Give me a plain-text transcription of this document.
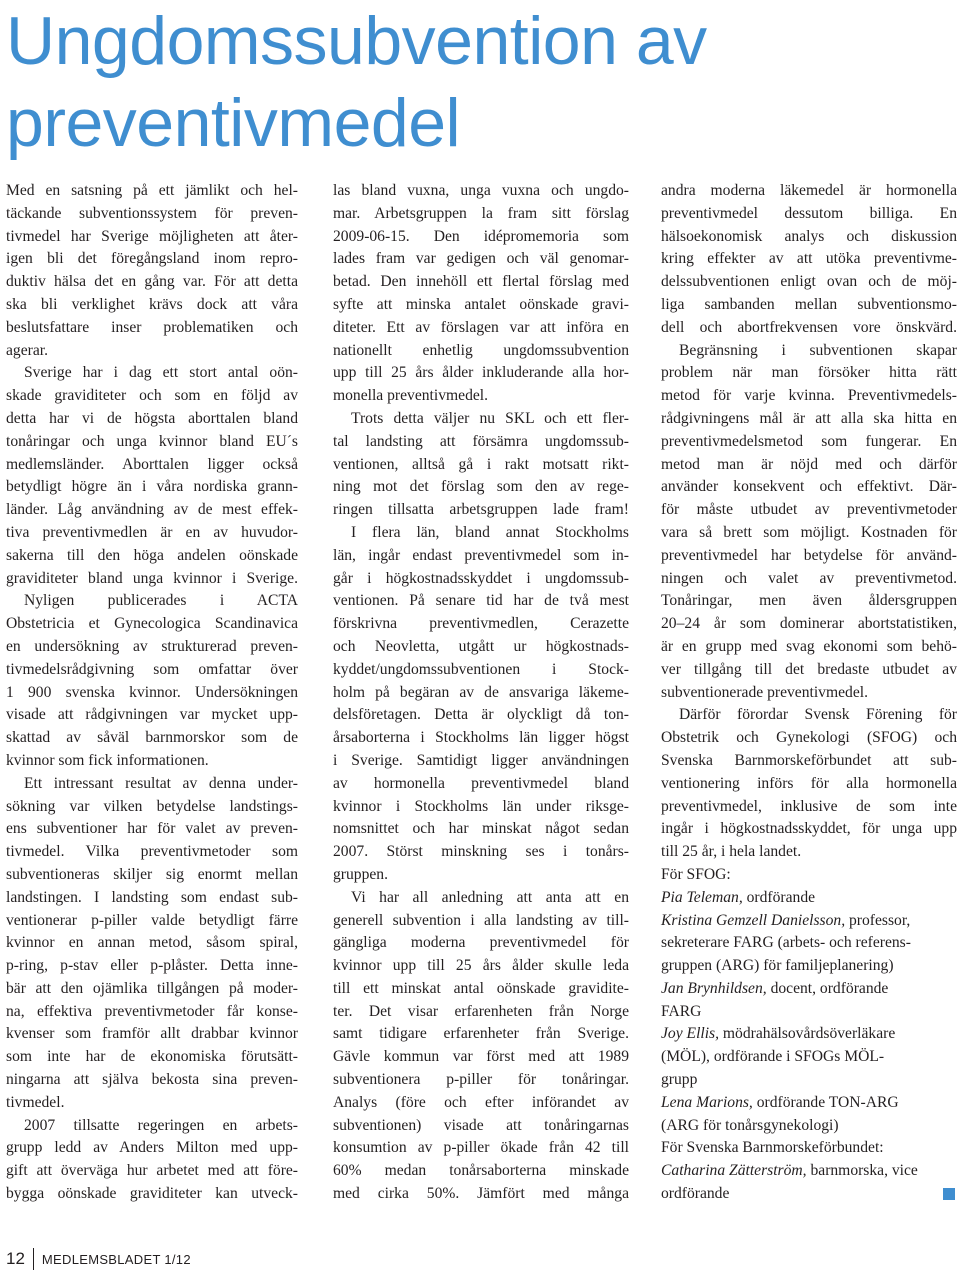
Ungdomssubvention av
preventivmedel
Med en satsning på ett jämlikt och hel-
täckande subventionssystem för preven-
tivmedel har Sverige möjligheten att åter-
igen bli det föregångsland inom repro-
duktiv hälsa det en gång var. För att detta
ska bli verklighet krävs dock att våra
beslutsfattare inser problematiken och
agerar.
Sverige har i dag ett stort antal oön-
skade graviditeter och som en följd av
detta har vi de högsta aborttalen bland
tonåringar och unga kvinnor bland EU´s
medlemsländer. Aborttalen ligger också
betydligt högre än i våra nordiska grann-
länder. Låg användning av de mest effek-
tiva preventivmedlen är en av huvudor-
sakerna till den höga andelen oönskade
graviditeter bland unga kvinnor i Sverige.
Nyligen publicerades i ACTA
Obstetricia et Gynecologica Scandinavica
en undersökning av strukturerad preven-
tivmedelsrådgivning som omfattar över
1 900 svenska kvinnor. Undersökningen
visade att rådgivningen var mycket upp-
skattad av såväl barnmorskor som de
kvinnor som fick informationen.
Ett intressant resultat av denna under-
sökning var vilken betydelse landstings-
ens subventioner har för valet av preven-
tivmedel. Vilka preventivmetoder som
subventioneras skiljer sig enormt mellan
landstingen. I landsting som endast sub-
ventionerar p-piller valde betydligt färre
kvinnor en annan metod, såsom spiral,
p-ring, p-stav eller p-plåster. Detta inne-
bär att den ojämlika tillgången på moder-
na, effektiva preventivmetoder får konse-
kvenser som framför allt drabbar kvinnor
som inte har de ekonomiska förutsätt-
ningarna att själva bekosta sina preven-
tivmedel.
2007 tillsatte regeringen en arbets-
grupp ledd av Anders Milton med upp-
gift att överväga hur arbetet med att före-
bygga oönskade graviditeter kan utveck-
las bland vuxna, unga vuxna och ungdo-
mar. Arbetsgruppen la fram sitt förslag
2009-06-15. Den idépromemoria som
lades fram var gedigen och väl genomar-
betad. Den innehöll ett flertal förslag med
syfte att minska antalet oönskade gravi-
diteter. Ett av förslagen var att införa en
nationellt enhetlig ungdomssubvention
upp till 25 års ålder inkluderande alla hor-
monella preventivmedel.
Trots detta väljer nu SKL och ett fler-
tal landsting att försämra ungdomssub-
ventionen, alltså gå i rakt motsatt rikt-
ning mot det förslag som den av rege-
ringen tillsatta arbetsgruppen lade fram!
I flera län, bland annat Stockholms
län, ingår endast preventivmedel som in-
går i högkostnadsskyddet i ungdomssub-
ventionen. På senare tid har de två mest
förskrivna preventivmedlen, Cerazette
och Neovletta, utgått ur högkostnads-
kyddet/ungdomssubventionen i Stock-
holm på begäran av de ansvariga läkeme-
delsföretagen. Detta är olyckligt då ton-
årsaborterna i Stockholms län ligger högst
i Sverige. Samtidigt ligger användningen
av hormonella preventivmedel bland
kvinnor i Stockholms län under riksge-
nomsnittet och har minskat något sedan
2007. Störst minskning ses i tonårs-
gruppen.
Vi har all anledning att anta att en
generell subvention i alla landsting av till-
gängliga moderna preventivmedel för
kvinnor upp till 25 års ålder skulle leda
till ett minskat antal oönskade gravidite-
ter. Det visar erfarenheten från Norge
samt tidigare erfarenheter från Sverige.
Gävle kommun var först med att 1989
subventionera p-piller för tonåringar.
Analys (före och efter införandet av
subventionen) visade att tonåringarnas
konsumtion av p-piller ökade från 42 till
60% medan tonårsaborterna minskade
med cirka 50%. Jämfört med många
andra moderna läkemedel är hormonella
preventivmedel dessutom billiga. En
hälsoekonomisk analys och diskussion
kring effekter av att utöka preventivme-
delssubventionen enligt ovan och de möj-
liga sambanden mellan subventionsmo-
dell och abortfrekvensen vore önskvärd.
Begränsning i subventionen skapar
problem när man försöker hitta rätt
metod för varje kvinna. Preventivmedels-
rådgivningens mål är att alla ska hitta en
preventivmedelsmetod som fungerar. En
metod man är nöjd med och därför
använder konsekvent och effektivt. Där-
för måste utbudet av preventivmetoder
vara så brett som möjligt. Kostnaden för
preventivmedel har betydelse för använd-
ningen och valet av preventivmetod.
Tonåringar, men även åldersgruppen
20–24 år som dominerar abortstatistiken,
är en grupp med svag ekonomi som behö-
ver tillgång till det bredaste utbudet av
subventionerade preventivmedel.
Därför förordar Svensk Förening för
Obstetrik och Gynekologi (SFOG) och
Svenska Barnmorskeförbundet att sub-
ventionering införs för alla hormonella
preventivmedel, inklusive de som inte
ingår i högkostnadsskyddet, för unga upp
till 25 år, i hela landet.
För SFOG:
Pia Teleman, ordförande
Kristina Gemzell Danielsson, professor,
sekreterare FARG (arbets- och referens-
gruppen (ARG) för familjeplanering)
Jan Brynhildsen, docent, ordförande
FARG
Joy Ellis, mödrahälsovårdsöverläkare
(MÖL), ordförande i SFOGs MÖL-
grupp
Lena Marions, ordförande TON-ARG
(ARG för tonårsgynekologi)
För Svenska Barnmorskeförbundet:
Catharina Zätterström, barnmorska, vice
ordförande
12 MEDLEMSBLADET 1/12
